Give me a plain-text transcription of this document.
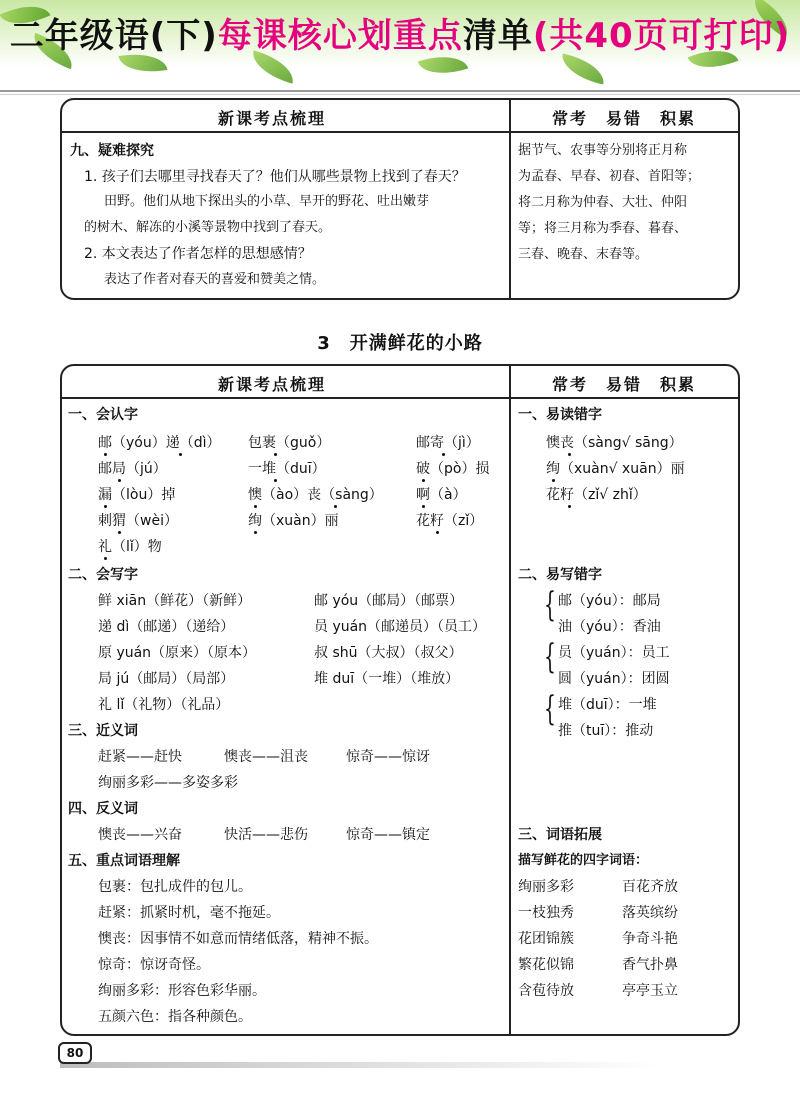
二年级语(下)每课核心划重点清单(共40页可打印)
新课考点梳理	常考　易错　积累
九、疑难探究
1. 孩子们去哪里寻找春天了？他们从哪些景物上找到了春天？
田野。他们从地下探出头的小草、早开的野花、吐出嫩芽
的树木、解冻的小溪等景物中找到了春天。
2. 本文表达了作者怎样的思想感情？
表达了作者对春天的喜爱和赞美之情。
据节气、农事等分别将正月称
为孟春、早春、初春、首阳等；
将二月称为仲春、大壮、仲阳
等；将三月称为季春、暮春、
三春、晚春、末春等。
3　开满鲜花的小路
新课考点梳理	常考　易错　积累
一、会认字
邮（yóu）递（dì） 包裹（guǒ）	邮寄（jì）
邮局（jú）	一堆（duī）	破（pò）损
漏（lòu）掉	懊（ào）丧（sàng） 啊（à）
刺猬（wèi）	绚（xuàn）丽	花籽（zǐ）
礼（lǐ）物
二、会写字
鲜 xiān（鲜花）（新鲜）	邮 yóu（邮局）（邮票）
递 dì（邮递）（递给）	员 yuán（邮递员）（员工）
原 yuán（原来）（原本）	叔 shū（大叔）（叔父）
局 jú（邮局）（局部）	堆 duī（一堆）（堆放）
礼 lǐ（礼物）（礼品）
三、近义词
赶紧——赶快	懊丧——沮丧	惊奇——惊讶
绚丽多彩——多姿多彩
四、反义词
懊丧——兴奋	快活——悲伤	惊奇——镇定
五、重点词语理解
包裹：包扎成件的包儿。
赶紧：抓紧时机，毫不拖延。
懊丧：因事情不如意而情绪低落，精神不振。
惊奇：惊讶奇怪。
绚丽多彩：形容色彩华丽。
五颜六色：指各种颜色。
一、易读错字
懊丧（sàng√ sāng）
绚（xuàn√ xuān）丽
花籽（zǐ√ zhǐ）
二、易写错字
{ 邮（yóu）：邮局
油（yóu）：香油
{ 员（yuán）：员工
圆（yuán）：团圆
{ 堆（duī）：一堆
推（tuī）：推动
三、词语拓展
描写鲜花的四字词语：
绚丽多彩	百花齐放
一枝独秀	落英缤纷
花团锦簇	争奇斗艳
繁花似锦	香气扑鼻
含苞待放	亭亭玉立
80
